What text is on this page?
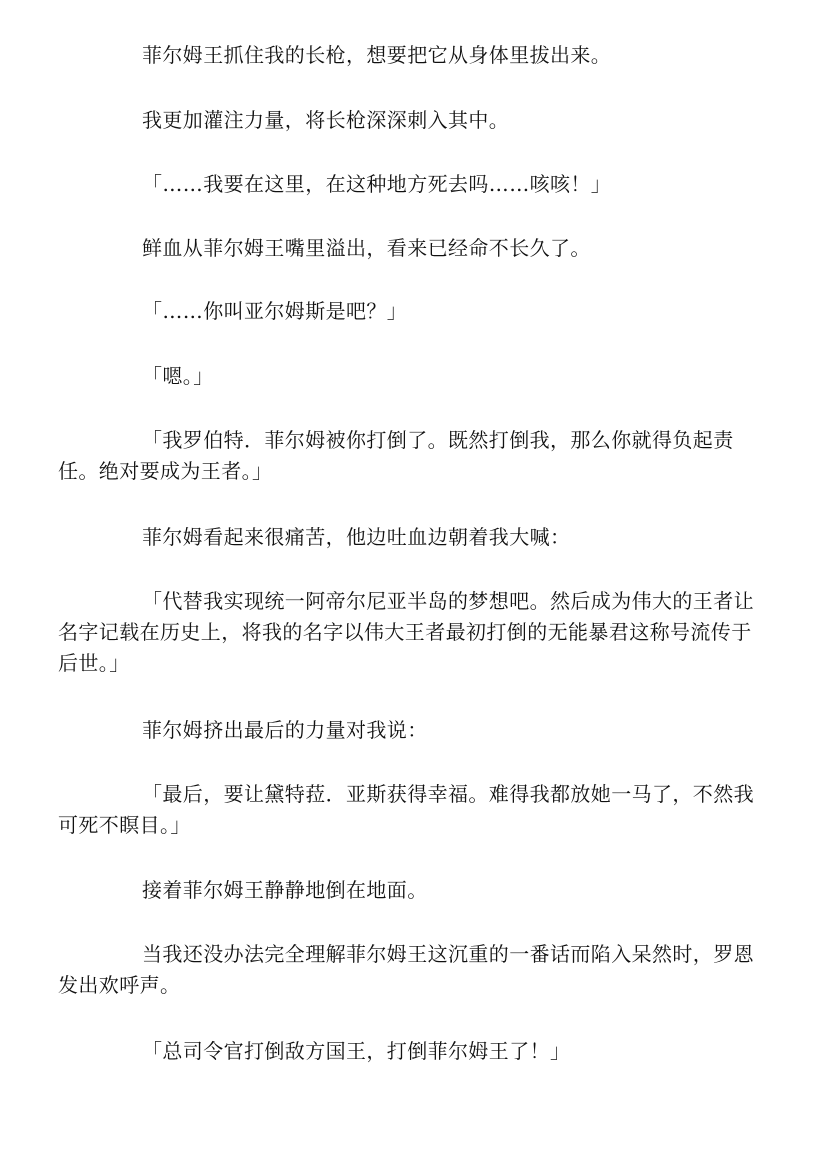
菲尔姆王抓住我的长枪，想要把它从身体里拔出来。

我更加灌注力量，将长枪深深刺入其中。

「……我要在这里，在这种地方死去吗……咳咳！」

鲜血从菲尔姆王嘴里溢出，看来已经命不长久了。

「……你叫亚尔姆斯是吧？」

「嗯。」

「我罗伯特．菲尔姆被你打倒了。既然打倒我，那么你就得负起责任。绝对要成为王者。」

菲尔姆看起来很痛苦，他边吐血边朝着我大喊：

「代替我实现统一阿帝尔尼亚半岛的梦想吧。然后成为伟大的王者让名字记载在历史上，将我的名字以伟大王者最初打倒的无能暴君这称号流传于后世。」

菲尔姆挤出最后的力量对我说：

「最后，要让黛特菈．亚斯获得幸福。难得我都放她一马了，不然我可死不瞑目。」

接着菲尔姆王静静地倒在地面。

当我还没办法完全理解菲尔姆王这沉重的一番话而陷入呆然时，罗恩发出欢呼声。

「总司令官打倒敌方国王，打倒菲尔姆王了！」
